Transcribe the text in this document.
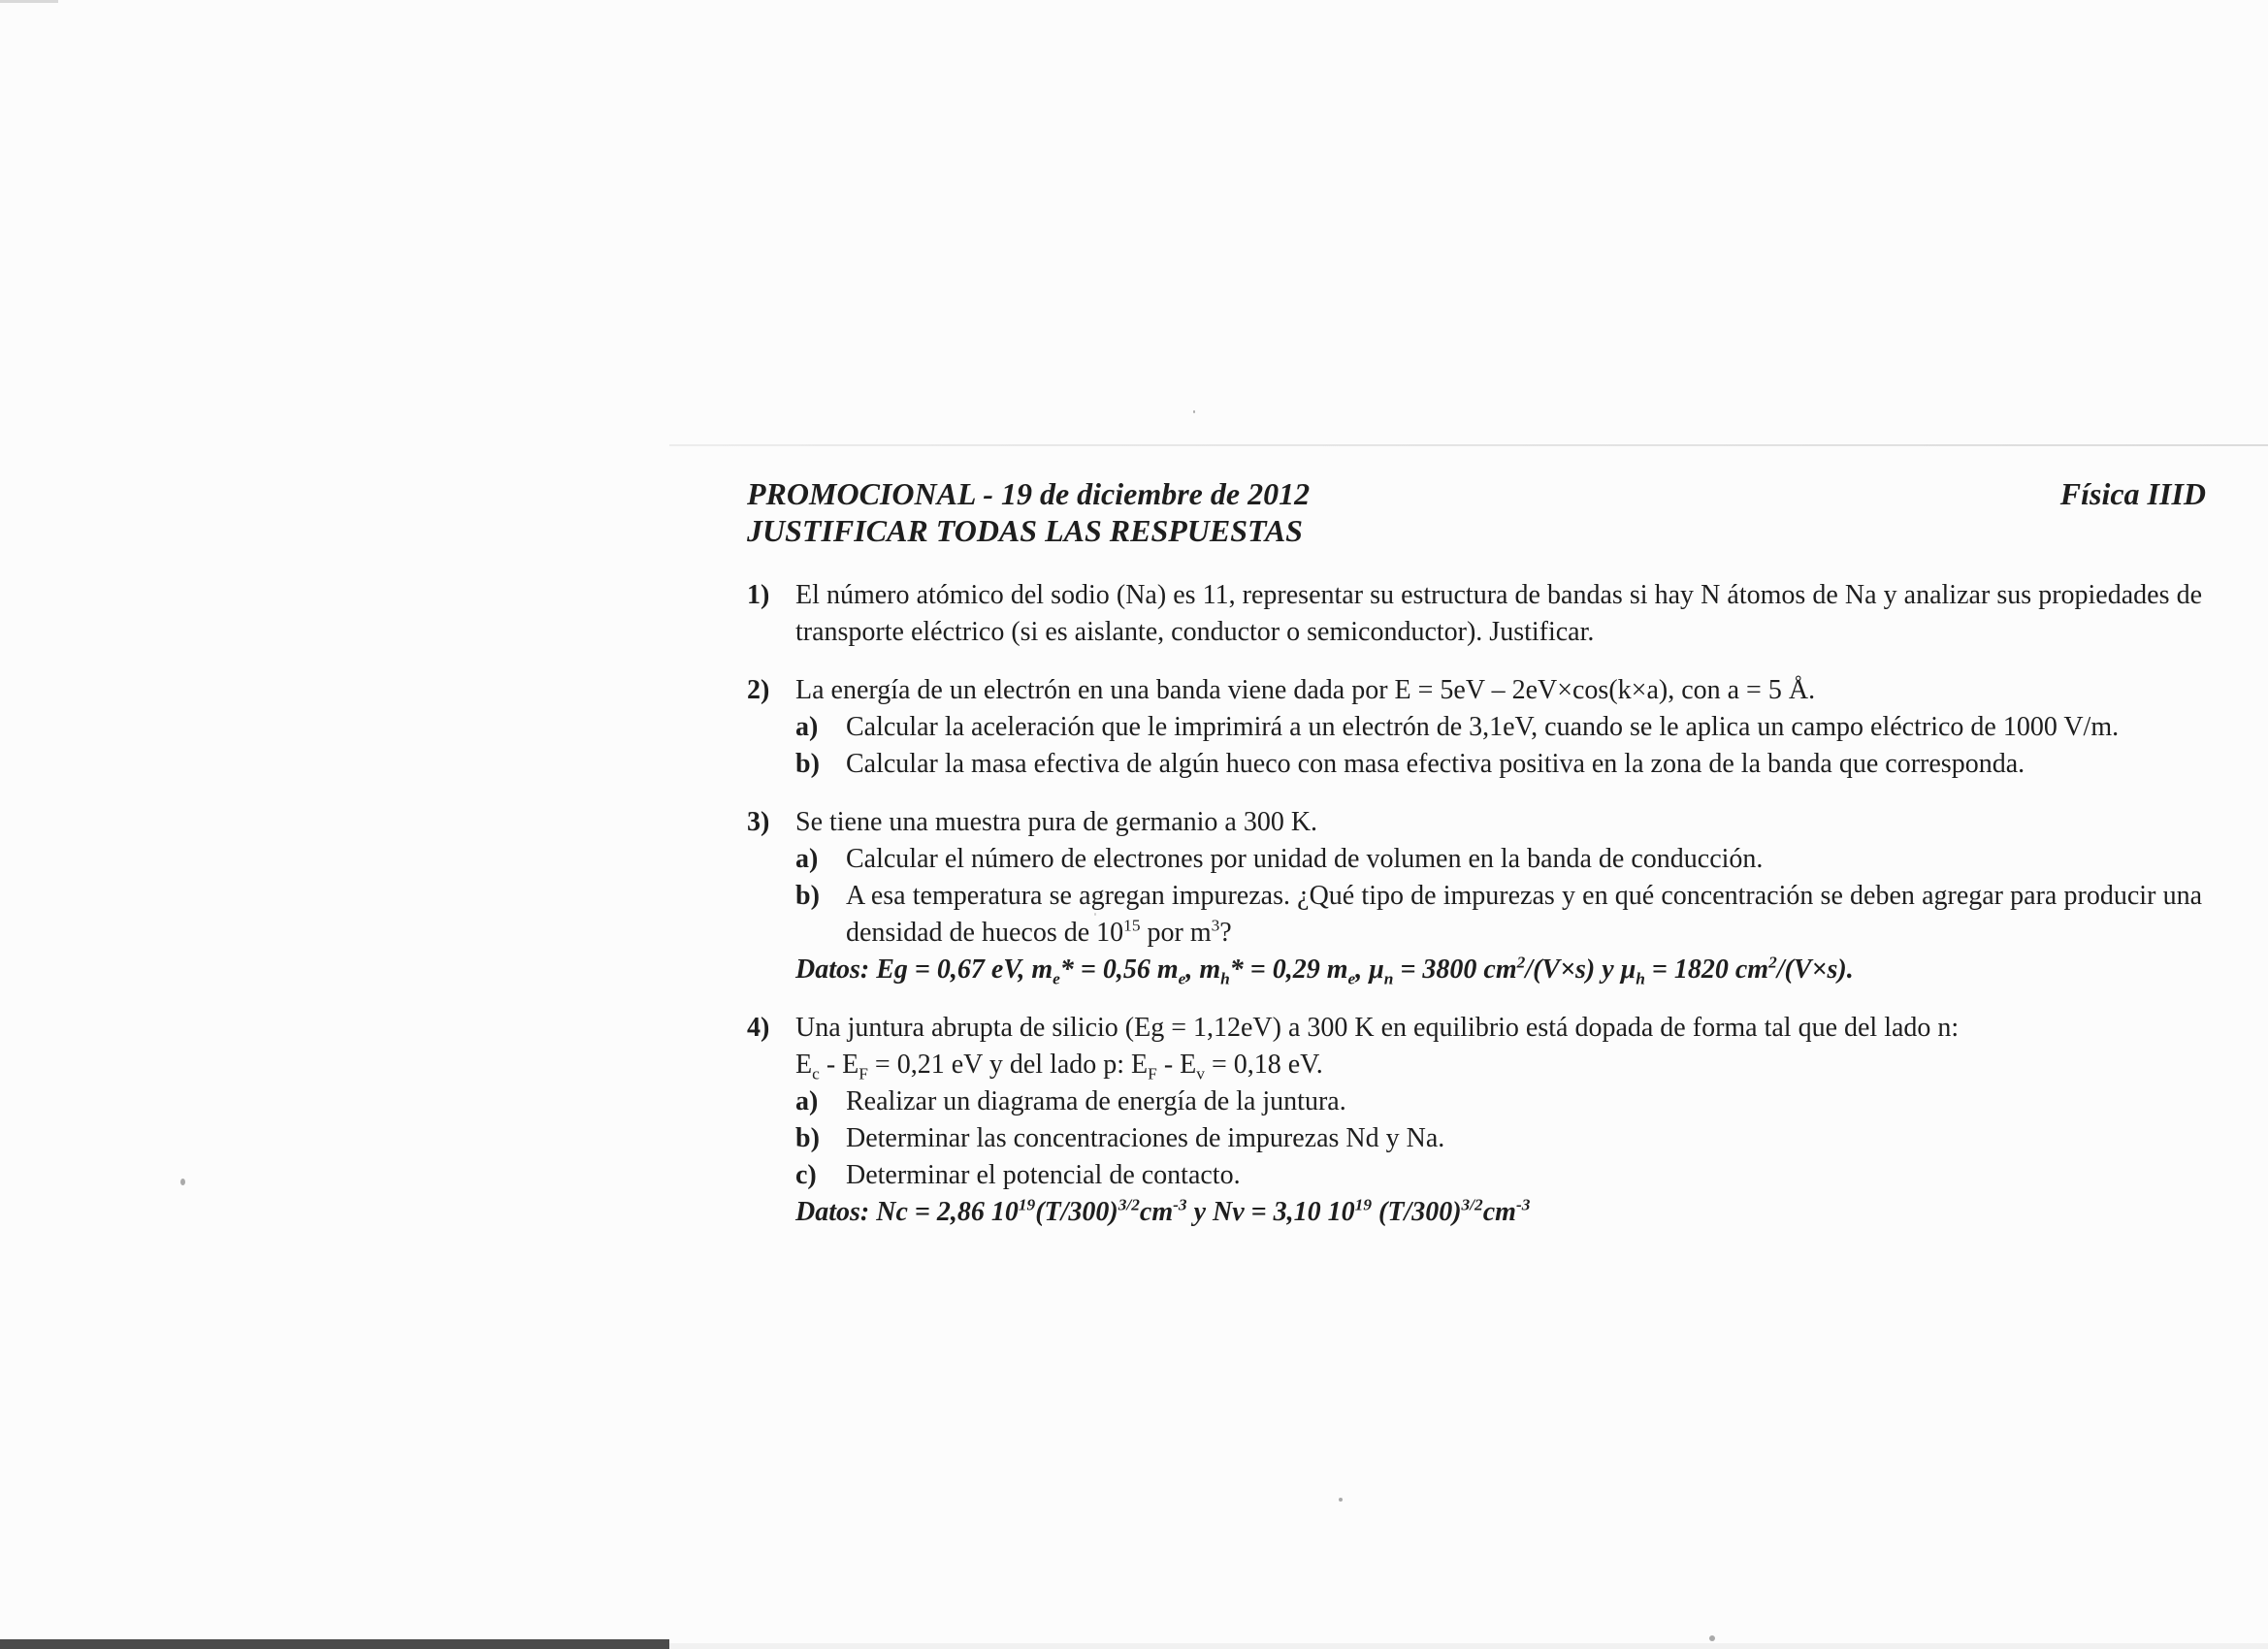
PROMOCIONAL - 19 de diciembre de 2012
JUSTIFICAR TODAS LAS RESPUESTAS
Física IIID
1) El número atómico del sodio (Na) es 11, representar su estructura de bandas si hay N átomos de Na y analizar sus propiedades de transporte eléctrico (si es aislante, conductor o semiconductor). Justificar.
2) La energía de un electrón en una banda viene dada por E = 5eV – 2eV×cos(k×a), con a = 5 Å.
a) Calcular la aceleración que le imprimirá a un electrón de 3,1eV, cuando se le aplica un campo eléctrico de 1000 V/m.
b) Calcular la masa efectiva de algún hueco con masa efectiva positiva en la zona de la banda que corresponda.
3) Se tiene una muestra pura de germanio a 300 K.
a) Calcular el número de electrones por unidad de volumen en la banda de conducción.
b) A esa temperatura se agregan impurezas. ¿Qué tipo de impurezas y en qué concentración se deben agregar para producir una densidad de huecos de $10^{15}$ por $m^3$?
Datos: Eg = 0,67 eV, $m_e* = 0,56$ $m_e$, $m_h* = 0,29$ $m_e$, $\mu_n = 3800$ $cm^2/(V\times s)$ y $\mu_h = 1820$ $cm^2/(V\times s)$.
4) Una juntura abrupta de silicio (Eg = 1,12eV) a 300 K en equilibrio está dopada de forma tal que del lado n:
$E_c - E_F = 0,21$ eV y del lado p: $E_F - E_v = 0,18$ eV.
a) Realizar un diagrama de energía de la juntura.
b) Determinar las concentraciones de impurezas Nd y Na.
c) Determinar el potencial de contacto.
Datos: Nc = 2,86 $10^{19}(T/300)^{3/2}cm^{-3}$ y Nv = 3,10 $10^{19}$ $(T/300)^{3/2}cm^{-3}$
